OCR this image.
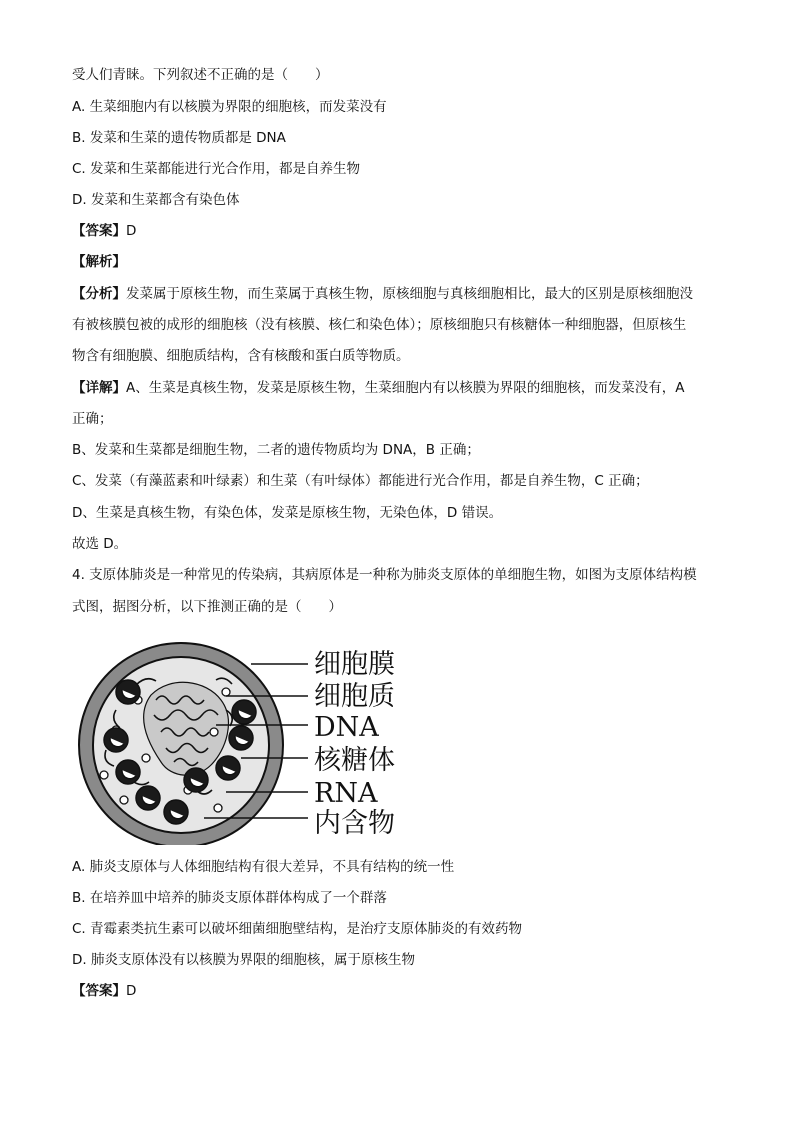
受人们青睐。下列叙述不正确的是（　　）
A. 生菜细胞内有以核膜为界限的细胞核，而发菜没有
B. 发菜和生菜的遗传物质都是 DNA
C. 发菜和生菜都能进行光合作用，都是自养生物
D. 发菜和生菜都含有染色体
【答案】D
【解析】
【分析】发菜属于原核生物，而生菜属于真核生物，原核细胞与真核细胞相比，最大的区别是原核细胞没
有被核膜包被的成形的细胞核（没有核膜、核仁和染色体）；原核细胞只有核糖体一种细胞器，但原核生
物含有细胞膜、细胞质结构，含有核酸和蛋白质等物质。
【详解】A、生菜是真核生物，发菜是原核生物，生菜细胞内有以核膜为界限的细胞核，而发菜没有，A
正确；
B、发菜和生菜都是细胞生物，二者的遗传物质均为 DNA，B 正确；
C、发菜（有藻蓝素和叶绿素）和生菜（有叶绿体）都能进行光合作用，都是自养生物，C 正确；
D、生菜是真核生物，有染色体，发菜是原核生物，无染色体，D 错误。
故选 D。
4. 支原体肺炎是一种常见的传染病，其病原体是一种称为肺炎支原体的单细胞生物，如图为支原体结构模
式图，据图分析，以下推测正确的是（　　）
细胞膜
细胞质
DNA
核糖体
RNA
内含物
A. 肺炎支原体与人体细胞结构有很大差异，不具有结构的统一性
B. 在培养皿中培养的肺炎支原体群体构成了一个群落
C. 青霉素类抗生素可以破坏细菌细胞壁结构，是治疗支原体肺炎的有效药物
D. 肺炎支原体没有以核膜为界限的细胞核，属于原核生物
【答案】D
